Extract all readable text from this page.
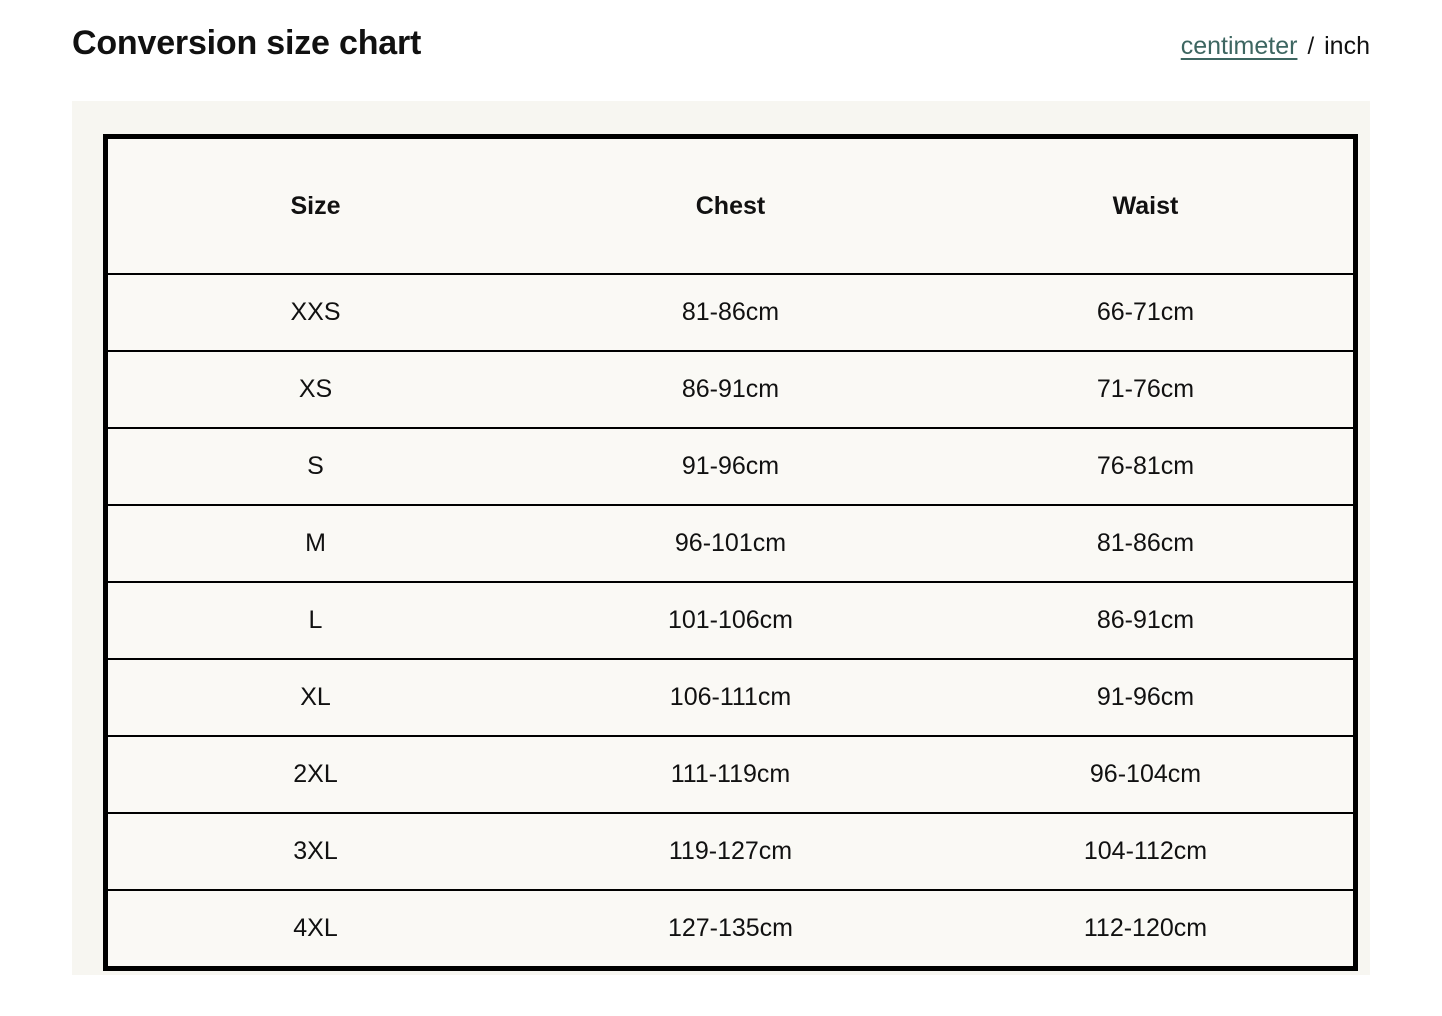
Conversion size chart	centimeter / inch
Size	Chest	Waist
XXS	81-86cm	66-71cm
XS	86-91cm	71-76cm
S	91-96cm	76-81cm
M	96-101cm	81-86cm
L	101-106cm	86-91cm
XL	106-111cm	91-96cm
2XL	111-119cm	96-104cm
3XL	119-127cm	104-112cm
4XL	127-135cm	112-120cm
